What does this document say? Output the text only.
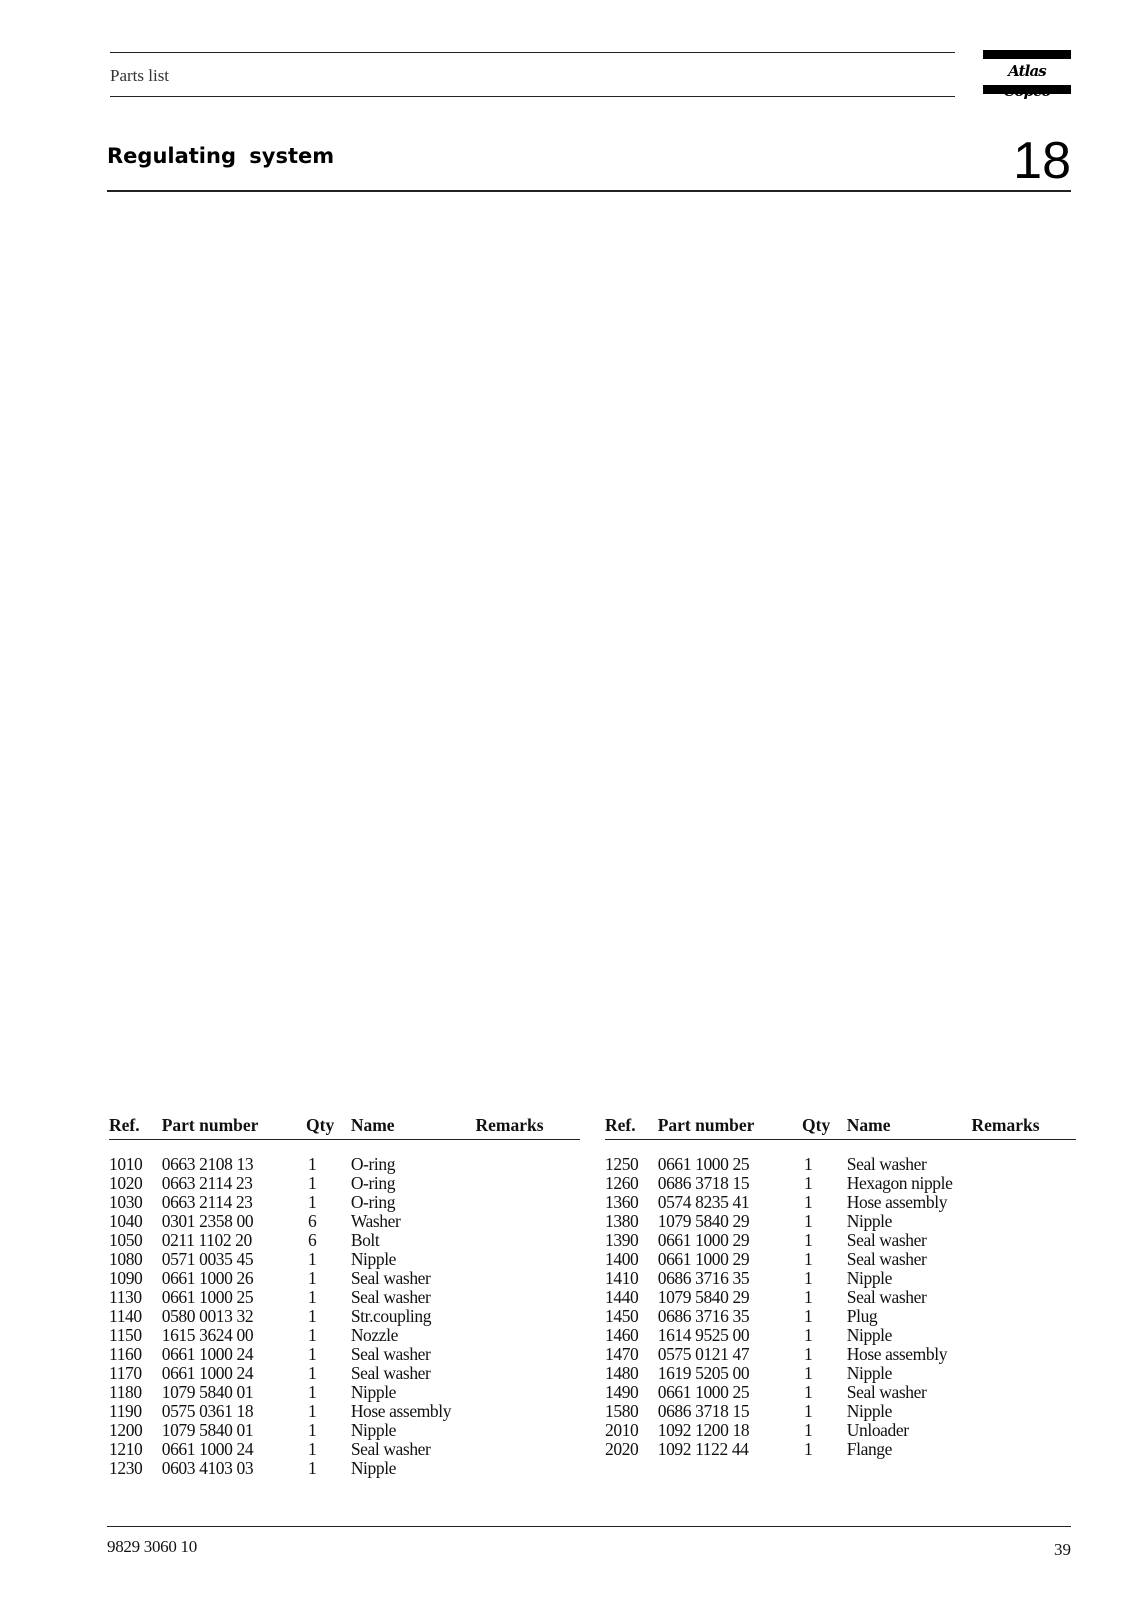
Parts list	Atlas
Regulating system	18
Ref.	Part number	Qty	Name	Remarks
1010	0663 2108 13	1	O-ring	
1020	0663 2114 23	1	O-ring	
1030	0663 2114 23	1	O-ring	
1040	0301 2358 00	6	Washer	
1050	0211 1102 20	6	Bolt	
1080	0571 0035 45	1	Nipple	
1090	0661 1000 26	1	Seal washer	
1130	0661 1000 25	1	Seal washer	
1140	0580 0013 32	1	Str.coupling	
1150	1615 3624 00	1	Nozzle	
1160	0661 1000 24	1	Seal washer	
1170	0661 1000 24	1	Seal washer	
1180	1079 5840 01	1	Nipple	
1190	0575 0361 18	1	Hose assembly	
1200	1079 5840 01	1	Nipple	
1210	0661 1000 24	1	Seal washer	
1230	0603 4103 03	1	Nipple	
Ref.	Part number	Qty	Name	Remarks
1250	0661 1000 25	1	Seal washer	
1260	0686 3718 15	1	Hexagon nipple	
1360	0574 8235 41	1	Hose assembly	
1380	1079 5840 29	1	Nipple	
1390	0661 1000 29	1	Seal washer	
1400	0661 1000 29	1	Seal washer	
1410	0686 3716 35	1	Nipple	
1440	1079 5840 29	1	Seal washer	
1450	0686 3716 35	1	Plug	
1460	1614 9525 00	1	Nipple	
1470	0575 0121 47	1	Hose assembly	
1480	1619 5205 00	1	Nipple	
1490	0661 1000 25	1	Seal washer	
1580	0686 3718 15	1	Nipple	
2010	1092 1200 18	1	Unloader	
2020	1092 1122 44	1	Flange	
9829 3060 10	39
